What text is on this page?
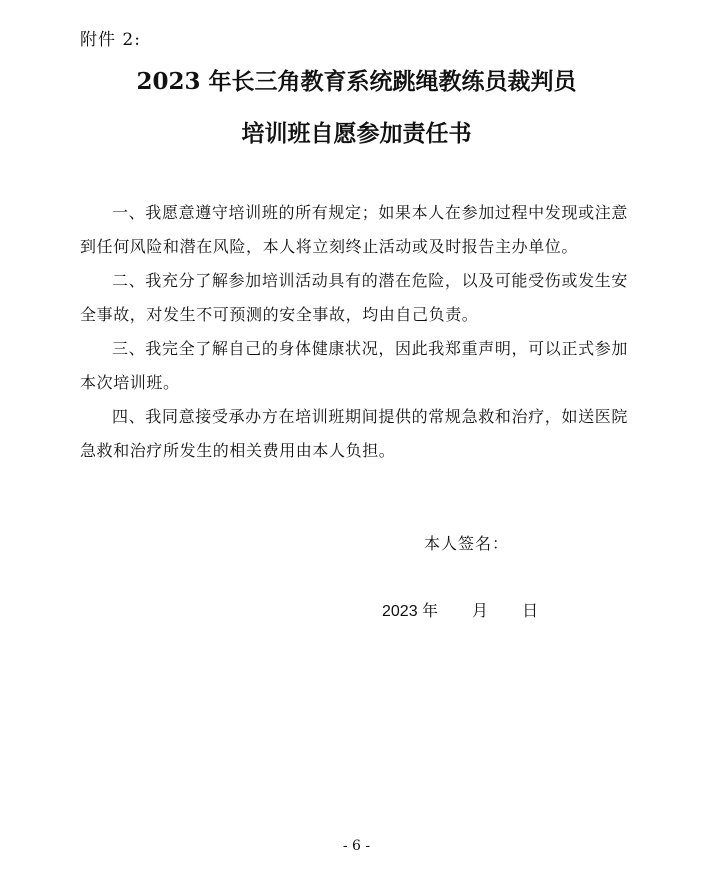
附件 2:
2023 年长三角教育系统跳绳教练员裁判员
培训班自愿参加责任书

一、我愿意遵守培训班的所有规定；如果本人在参加过程中发现或注意到任何风险和潜在风险，本人将立刻终止活动或及时报告主办单位。

二、我充分了解参加培训活动具有的潜在危险，以及可能受伤或发生安全事故，对发生不可预测的安全事故，均由自己负责。

三、我完全了解自己的身体健康状况，因此我郑重声明，可以正式参加本次培训班。

四、我同意接受承办方在培训班期间提供的常规急救和治疗，如送医院急救和治疗所发生的相关费用由本人负担。

本人签名：
2023 年 月 日
- 6 -
